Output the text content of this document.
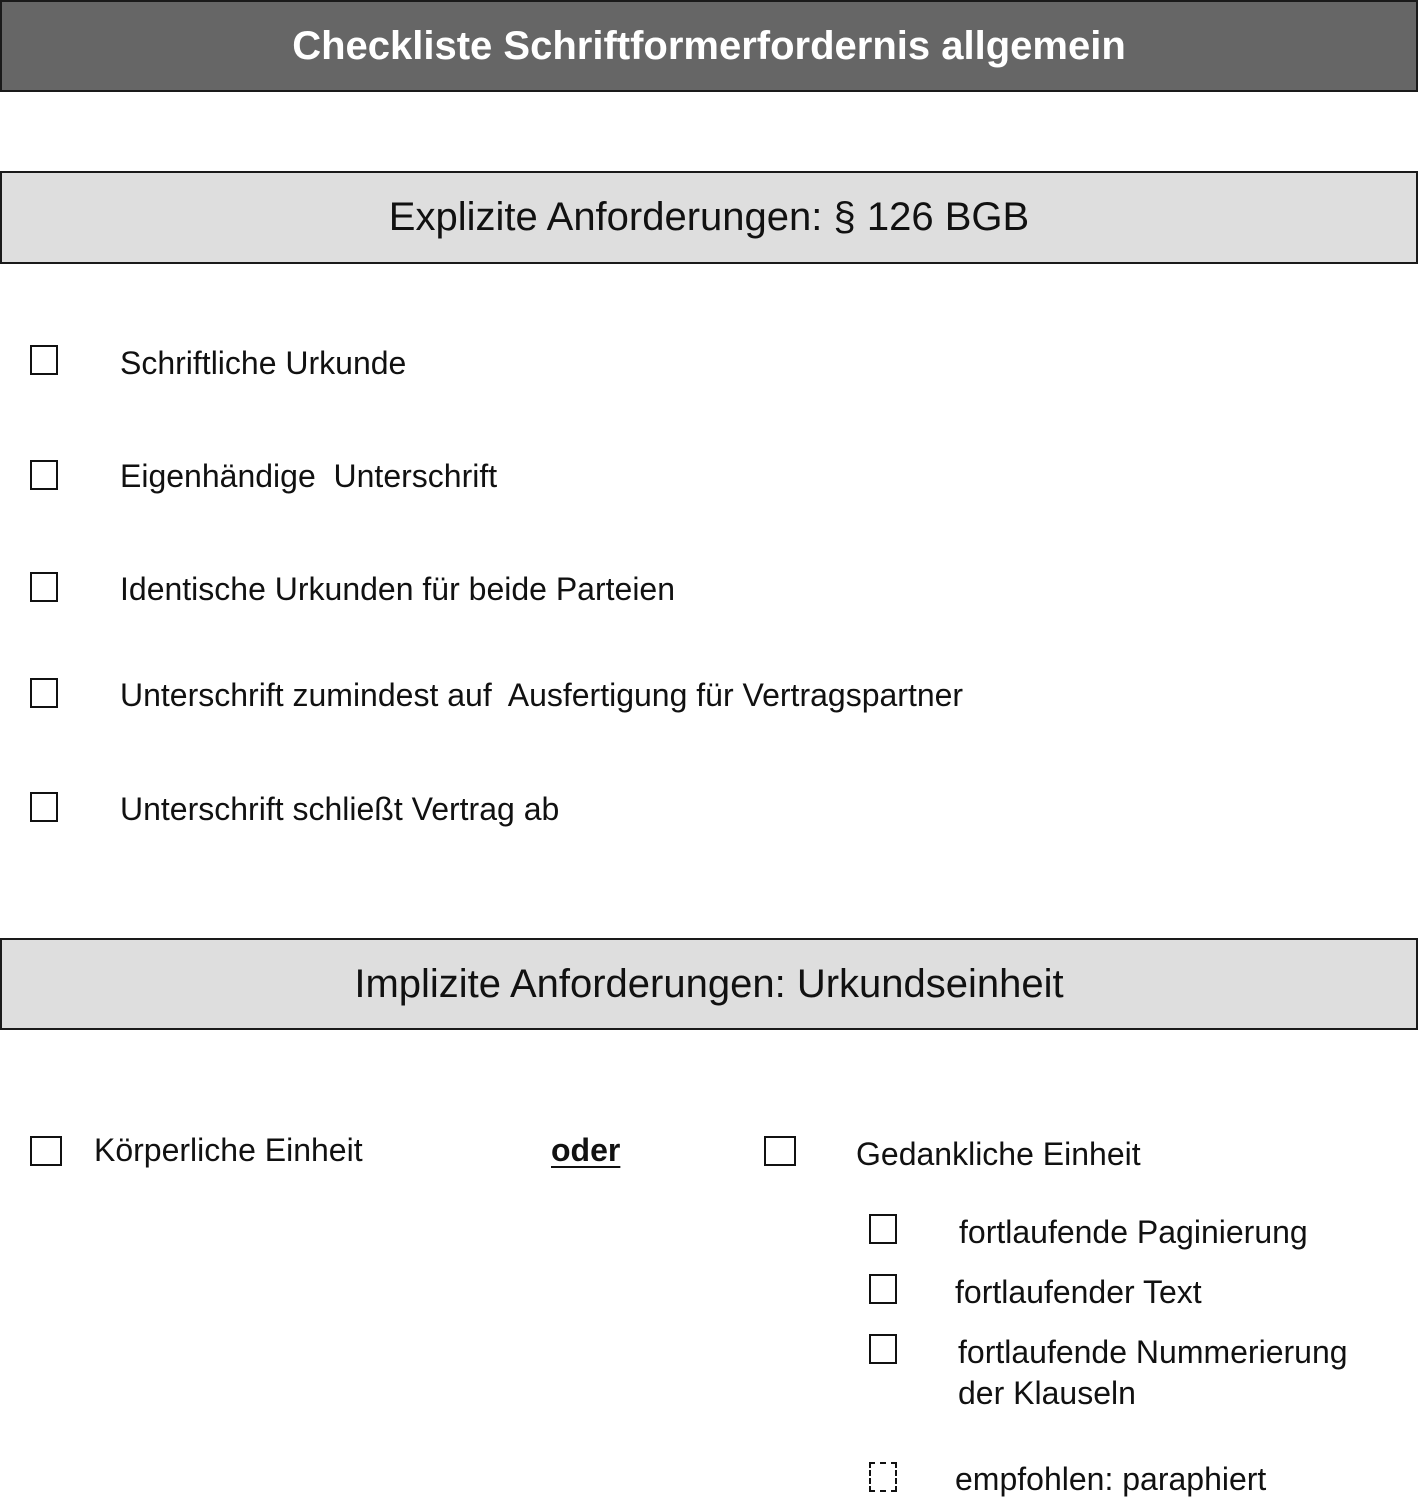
Checkliste Schriftformerfordernis allgemein
Explizite Anforderungen: § 126 BGB
Schriftliche Urkunde
Eigenhändige  Unterschrift
Identische Urkunden für beide Parteien
Unterschrift zumindest auf  Ausfertigung für Vertragspartner
Unterschrift schließt Vertrag ab
Implizite Anforderungen: Urkundseinheit
Körperliche Einheit	oder	Gedankliche Einheit
fortlaufende Paginierung
fortlaufender Text
fortlaufende Nummerierung
der Klauseln
empfohlen: paraphiert
